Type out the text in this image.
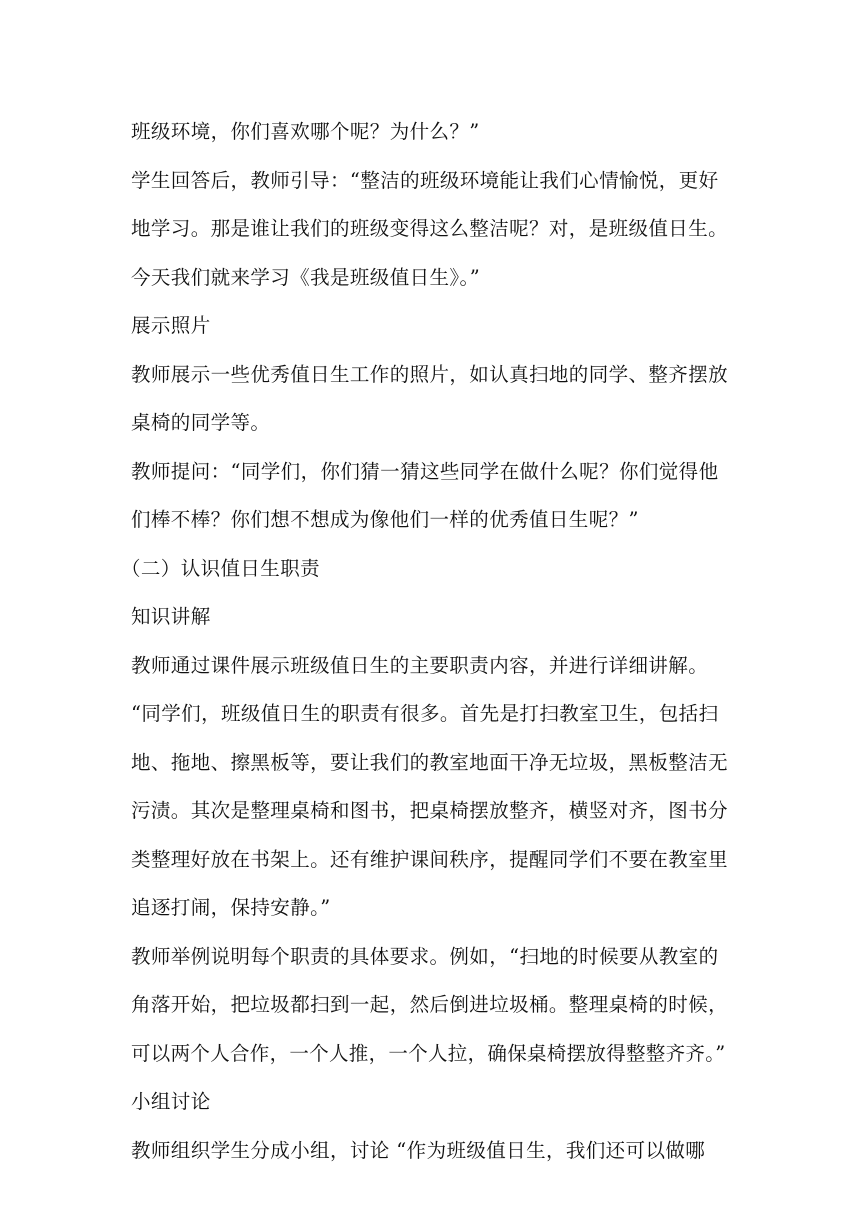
班级环境，你们喜欢哪个呢？为什么？”
学生回答后，教师引导：“整洁的班级环境能让我们心情愉悦，更好
地学习。那是谁让我们的班级变得这么整洁呢？对，是班级值日生。
今天我们就来学习《我是班级值日生》。”
展示照片
教师展示一些优秀值日生工作的照片，如认真扫地的同学、整齐摆放
桌椅的同学等。
教师提问：“同学们，你们猜一猜这些同学在做什么呢？你们觉得他
们棒不棒？你们想不想成为像他们一样的优秀值日生呢？”
（二）认识值日生职责
知识讲解
教师通过课件展示班级值日生的主要职责内容，并进行详细讲解。
“同学们，班级值日生的职责有很多。首先是打扫教室卫生，包括扫
地、拖地、擦黑板等，要让我们的教室地面干净无垃圾，黑板整洁无
污渍。其次是整理桌椅和图书，把桌椅摆放整齐，横竖对齐，图书分
类整理好放在书架上。还有维护课间秩序，提醒同学们不要在教室里
追逐打闹，保持安静。”
教师举例说明每个职责的具体要求。例如，“扫地的时候要从教室的
角落开始，把垃圾都扫到一起，然后倒进垃圾桶。整理桌椅的时候，
可以两个人合作，一个人推，一个人拉，确保桌椅摆放得整整齐齐。”
小组讨论
教师组织学生分成小组，讨论 “作为班级值日生，我们还可以做哪
